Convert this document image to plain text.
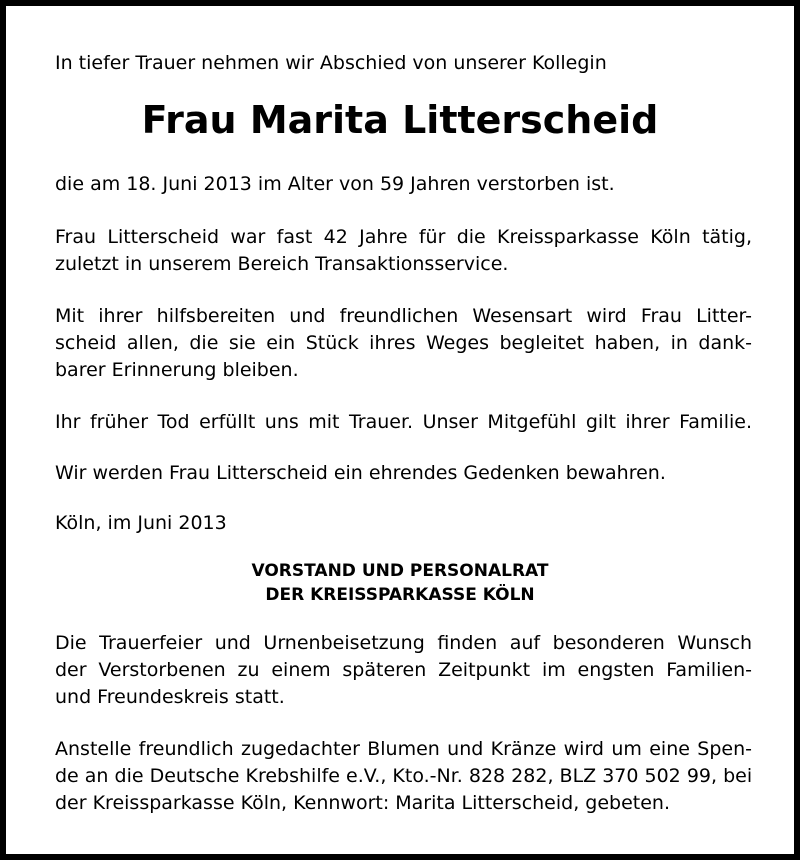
In tiefer Trauer nehmen wir Abschied von unserer Kollegin
Frau Marita Litterscheid
die am 18. Juni 2013 im Alter von 59 Jahren verstorben ist.
Frau Litterscheid war fast 42 Jahre für die Kreissparkasse Köln tätig,
zuletzt in unserem Bereich Transaktionsservice.
Mit ihrer hilfsbereiten und freundlichen Wesensart wird Frau Litter-
scheid allen, die sie ein Stück ihres Weges begleitet haben, in dank-
barer Erinnerung bleiben.
Ihr früher Tod erfüllt uns mit Trauer. Unser Mitgefühl gilt ihrer Familie.
Wir werden Frau Litterscheid ein ehrendes Gedenken bewahren.
Köln, im Juni 2013
VORSTAND UND PERSONALRAT
DER KREISSPARKASSE KÖLN
Die Trauerfeier und Urnenbeisetzung finden auf besonderen Wunsch
der Verstorbenen zu einem späteren Zeitpunkt im engsten Familien-
und Freundeskreis statt.
Anstelle freundlich zugedachter Blumen und Kränze wird um eine Spen-
de an die Deutsche Krebshilfe e.V., Kto.-Nr. 828 282, BLZ 370 502 99, bei
der Kreissparkasse Köln, Kennwort: Marita Litterscheid, gebeten.
